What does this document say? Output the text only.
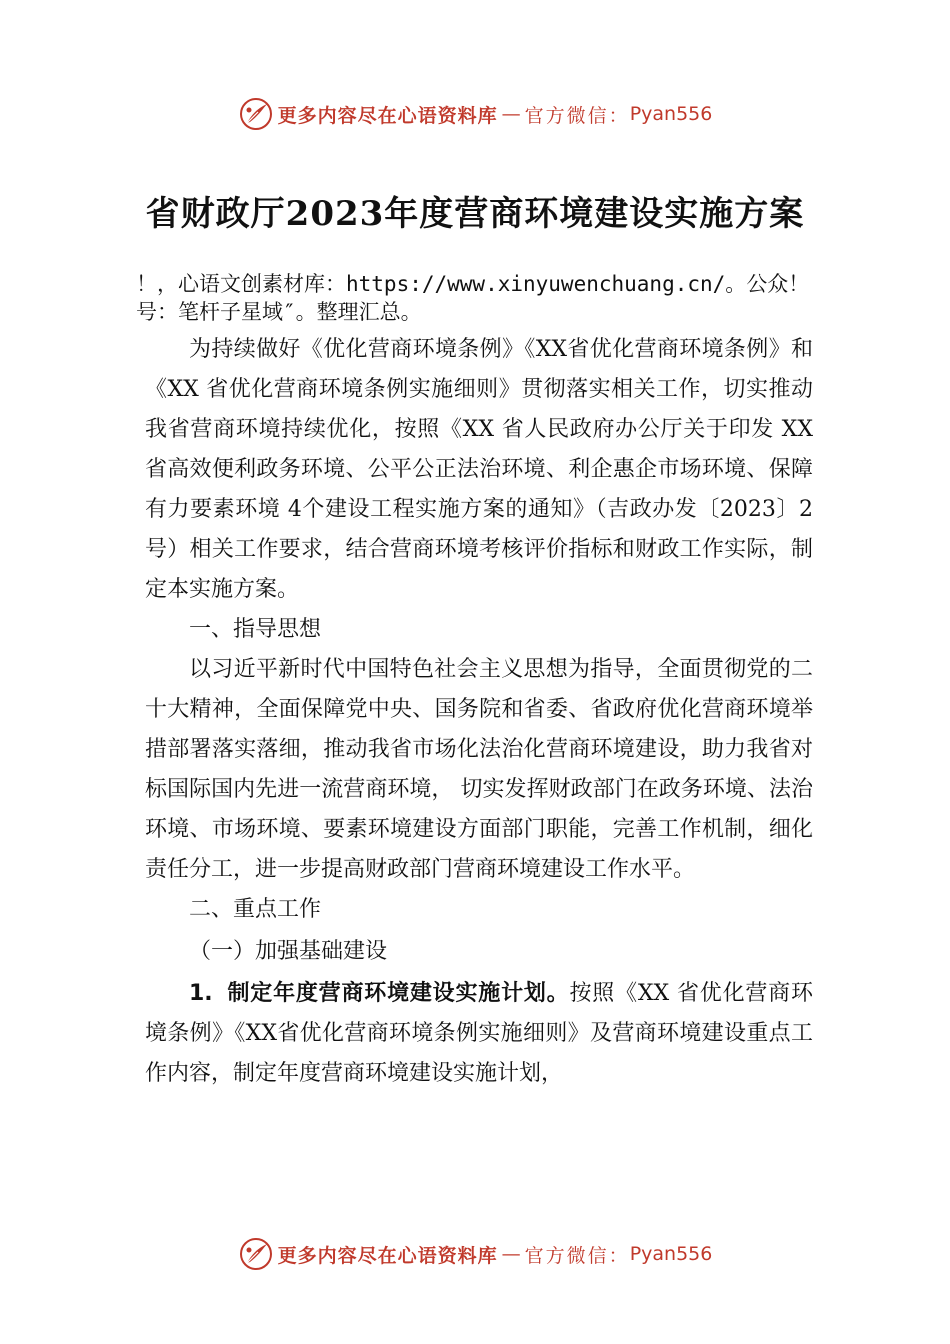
更多内容尽在心语资料库 — 官方微信： Pyan556
省财政厅2023年度营商环境建设实施方案
！，心语文创素材库：https://www.xinyuwenchuang.cn/。公众！
号：笔杆子星域″。整理汇总。

为持续做好《优化营商环境条例》《XX省优化营商环境条例》和《XX 省优化营商环境条例实施细则》贯彻落实相关工作，切实推动我省营商环境持续优化，按照《XX 省人民政府办公厅关于印发 XX省高效便利政务环境、公平公正法治环境、利企惠企市场环境、保障有力要素环境 4个建设工程实施方案的通知》（吉政办发〔2023〕2号）相关工作要求，结合营商环境考核评价指标和财政工作实际，制定本实施方案。

一、指导思想

以习近平新时代中国特色社会主义思想为指导，全面贯彻党的二十大精神，全面保障党中央、国务院和省委、省政府优化营商环境举措部署落实落细，推动我省市场化法治化营商环境建设，助力我省对标国际国内先进一流营商环境， 切实发挥财政部门在政务环境、法治环境、市场环境、要素环境建设方面部门职能，完善工作机制，细化责任分工，进一步提高财政部门营商环境建设工作水平。

二、重点工作

（一）加强基础建设

1. 制定年度营商环境建设实施计划。按照《XX 省优化营商环境条例》《XX省优化营商环境条例实施细则》及营商环境建设重点工作内容，制定年度营商环境建设实施计划，

更多内容尽在心语资料库 — 官方微信： Pyan556
